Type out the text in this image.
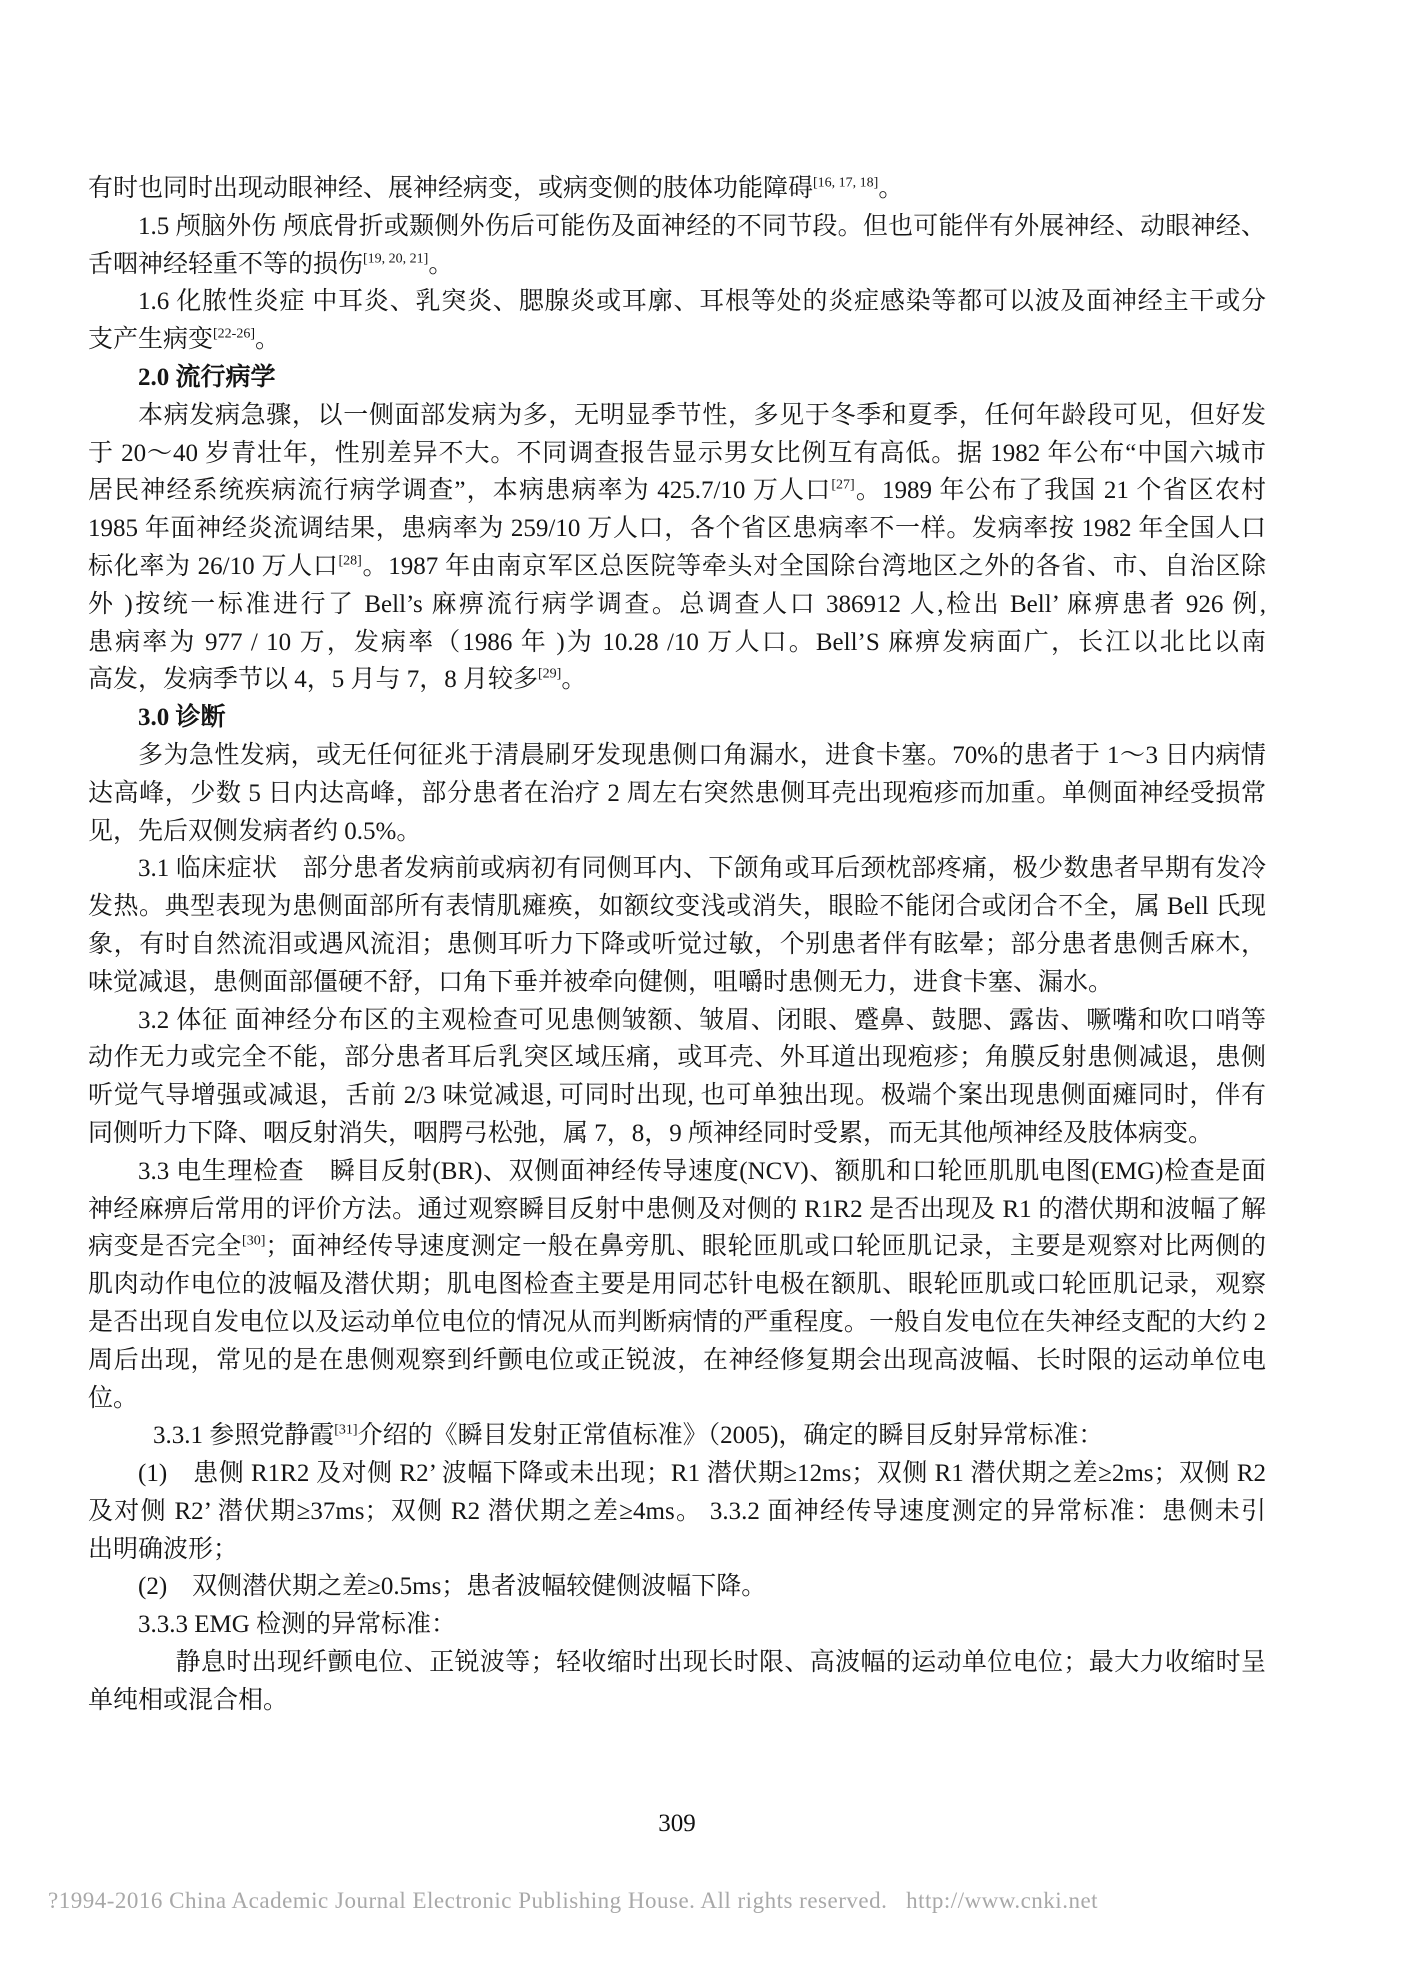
有时也同时出现动眼神经、展神经病变，或病变侧的肢体功能障碍[16, 17, 18]。
1.5 颅脑外伤 颅底骨折或颞侧外伤后可能伤及面神经的不同节段。但也可能伴有外展神经、动眼神经、
舌咽神经轻重不等的损伤[19, 20, 21]。
1.6 化脓性炎症 中耳炎、乳突炎、腮腺炎或耳廓、耳根等处的炎症感染等都可以波及面神经主干或分
支产生病变[22-26]。
2.0 流行病学
本病发病急骤，以一侧面部发病为多，无明显季节性，多见于冬季和夏季，任何年龄段可见，但好发
于 20～40 岁青壮年，性别差异不大。不同调查报告显示男女比例互有高低。据 1982 年公布“中国六城市
居民神经系统疾病流行病学调查”，本病患病率为 425.7/10 万人口[27]。1989 年公布了我国 21 个省区农村
1985 年面神经炎流调结果，患病率为 259/10 万人口，各个省区患病率不一样。发病率按 1982 年全国人口
标化率为 26/10 万人口[28]。1987 年由南京军区总医院等牵头对全国除台湾地区之外的各省、市、自治区除
外 )按统一标准进行了 Bell’s 麻痹流行病学调查。总调查人口 386912 人,检出 Bell’ 麻痹患者 926 例,
患病率为 977 / 10 万，发病率（1986 年 )为 10.28 /10 万人口。Bell’S 麻痹发病面广，长江以北比以南
高发，发病季节以 4，5 月与 7，8 月较多[29]。
3.0 诊断
多为急性发病，或无任何征兆于清晨刷牙发现患侧口角漏水，进食卡塞。70%的患者于 1～3 日内病情
达高峰，少数 5 日内达高峰，部分患者在治疗 2 周左右突然患侧耳壳出现疱疹而加重。单侧面神经受损常
见，先后双侧发病者约 0.5%。
3.1 临床症状　部分患者发病前或病初有同侧耳内、下颌角或耳后颈枕部疼痛，极少数患者早期有发冷
发热。典型表现为患侧面部所有表情肌瘫痪，如额纹变浅或消失，眼睑不能闭合或闭合不全，属 Bell 氏现
象，有时自然流泪或遇风流泪；患侧耳听力下降或听觉过敏，个别患者伴有眩晕；部分患者患侧舌麻木，
味觉减退，患侧面部僵硬不舒，口角下垂并被牵向健侧，咀嚼时患侧无力，进食卡塞、漏水。
3.2 体征 面神经分布区的主观检查可见患侧皱额、皱眉、闭眼、蹙鼻、鼓腮、露齿、噘嘴和吹口哨等
动作无力或完全不能，部分患者耳后乳突区域压痛，或耳壳、外耳道出现疱疹；角膜反射患侧减退，患侧
听觉气导增强或减退，舌前 2/3 味觉减退, 可同时出现, 也可单独出现。极端个案出现患侧面瘫同时，伴有
同侧听力下降、咽反射消失，咽腭弓松弛，属 7，8，9 颅神经同时受累，而无其他颅神经及肢体病变。
3.3 电生理检查　瞬目反射(BR)、双侧面神经传导速度(NCV)、额肌和口轮匝肌肌电图(EMG)检查是面
神经麻痹后常用的评价方法。通过观察瞬目反射中患侧及对侧的 R1R2 是否出现及 R1 的潜伏期和波幅了解
病变是否完全[30]；面神经传导速度测定一般在鼻旁肌、眼轮匝肌或口轮匝肌记录，主要是观察对比两侧的
肌肉动作电位的波幅及潜伏期；肌电图检查主要是用同芯针电极在额肌、眼轮匝肌或口轮匝肌记录，观察
是否出现自发电位以及运动单位电位的情况从而判断病情的严重程度。一般自发电位在失神经支配的大约 2
周后出现，常见的是在患侧观察到纤颤电位或正锐波，在神经修复期会出现高波幅、长时限的运动单位电
位。
3.3.1 参照党静霞[31]介绍的《瞬目发射正常值标准》（2005)，确定的瞬目反射异常标准：
(1)　患侧 R1R2 及对侧 R2’ 波幅下降或未出现；R1 潜伏期≥12ms；双侧 R1 潜伏期之差≥2ms；双侧 R2
及对侧 R2’ 潜伏期≥37ms；双侧 R2 潜伏期之差≥4ms。 3.3.2 面神经传导速度测定的异常标准：患侧未引
出明确波形；
(2)　双侧潜伏期之差≥0.5ms；患者波幅较健侧波幅下降。
3.3.3 EMG 检测的异常标准：
静息时出现纤颤电位、正锐波等；轻收缩时出现长时限、高波幅的运动单位电位；最大力收缩时呈
单纯相或混合相。
309
?1994-2016 China Academic Journal Electronic Publishing House. All rights reserved.   http://www.cnki.net
